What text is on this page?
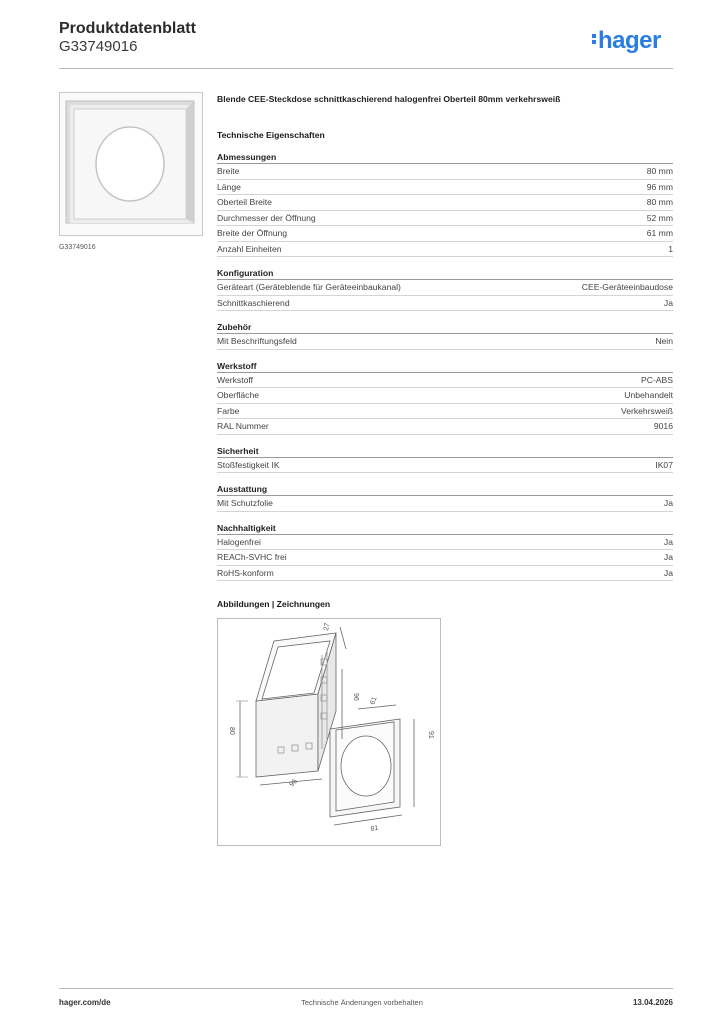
Produktdatenblatt
G33749016	hager
G33749016
Blende CEE-Steckdose schnittkaschierend halogenfrei Oberteil 80mm verkehrsweiß
Technische Eigenschaften
Abmessungen
Breite	80 mm
Länge	96 mm
Oberteil Breite	80 mm
Durchmesser der Öffnung	52 mm
Breite der Öffnung	61 mm
Anzahl Einheiten	1
Konfiguration
Geräteart (Geräteblende für Geräteeinbaukanal)	CEE-Geräteeinbaudose
Schnittkaschierend	Ja
Zubehör
Mit Beschriftungsfeld	Nein
Werkstoff
Werkstoff	PC-ABS
Oberfläche	Unbehandelt
Farbe	Verkehrsweiß
RAL Nummer	9016
Sicherheit
Stoßfestigkeit IK	IK07
Ausstattung
Mit Schutzfolie	Ja
Nachhaltigkeit
Halogenfrei	Ja
REACh-SVHC frei	Ja
RoHS-konform	Ja
Abbildungen | Zeichnungen
27
96 61
80
91
96
81
hager.com/de	Technische Änderungen vorbehalten	13.04.2026
